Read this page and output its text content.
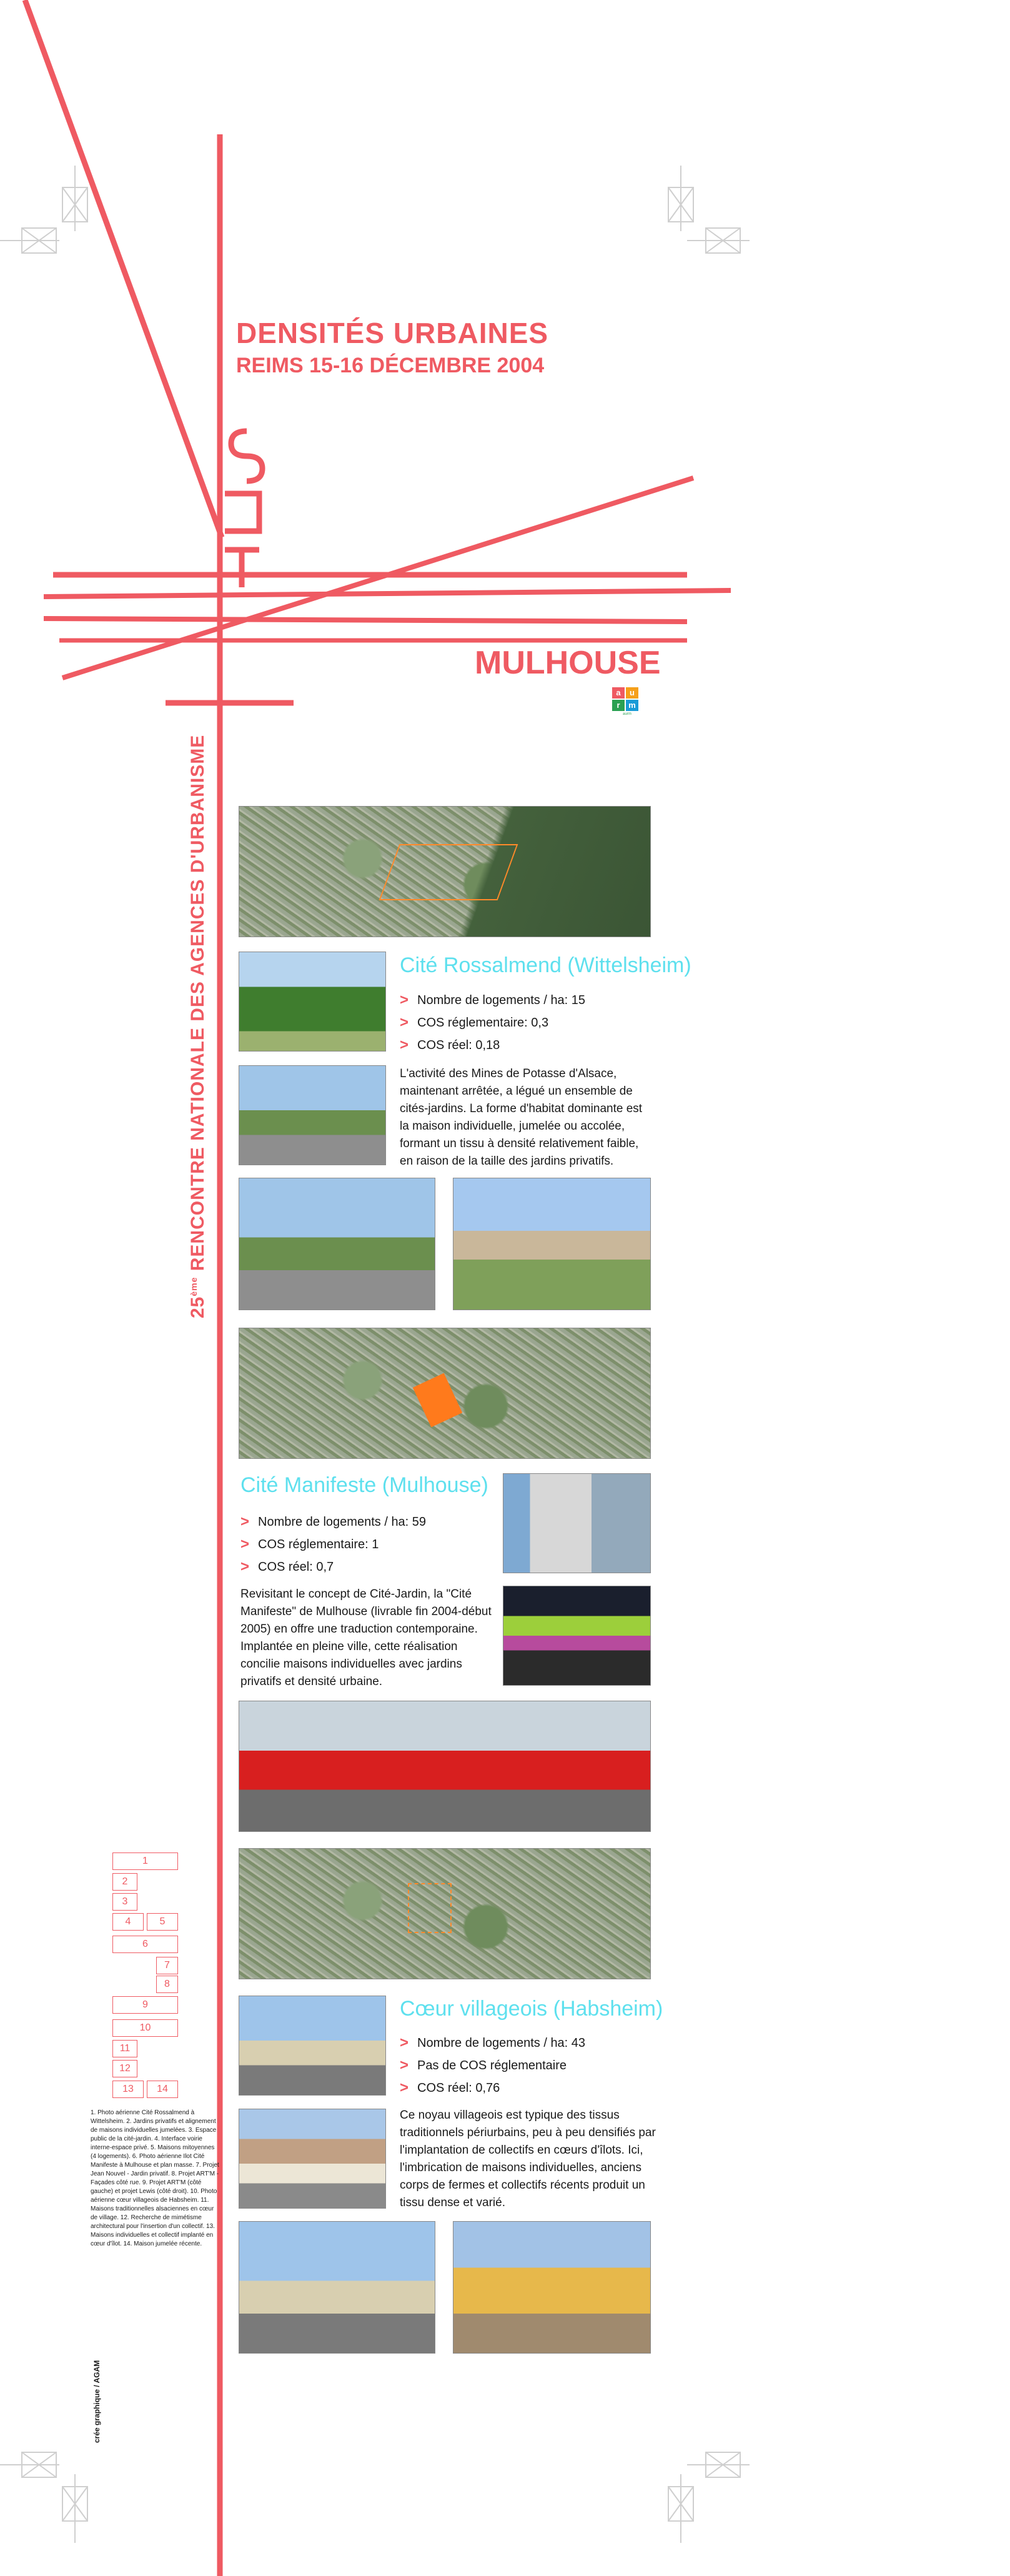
DENSITÉS URBAINES
REIMS 15-16 DÉCEMBRE 2004
MULHOUSE
a	u
r	m
aurm
25ème RENCONTRE NATIONALE DES AGENCES D'URBANISME	Cité Rossalmend (Wittelsheim)
> Nombre de logements / ha: 15
> COS réglementaire: 0,3
> COS réel: 0,18
L'activité des Mines de Potasse d'Alsace, maintenant arrêtée, a légué un ensemble de cités-jardins. La forme d'habitat dominante est la maison individuelle, jumelée ou accolée, formant un tissu à densité relativement faible, en raison de la taille des jardins privatifs.
Cité Manifeste (Mulhouse)
> Nombre de logements / ha: 59
> COS réglementaire: 1
> COS réel: 0,7
Revisitant le concept de Cité-Jardin, la "Cité Manifeste" de Mulhouse (livrable fin 2004-début 2005) en offre une traduction contemporaine. Implantée en pleine ville, cette réalisation concilie maisons individuelles avec jardins privatifs et densité urbaine.
Cœur villageois (Habsheim)
> Nombre de logements / ha: 43
> Pas de COS réglementaire
> COS réel: 0,76
Ce noyau villageois est typique des tissus traditionnels périurbains, peu à peu densifiés par l'implantation de collectifs en cœurs d'îlots. Ici, l'imbrication de maisons individuelles, anciens corps de fermes et collectifs récents produit un tissu dense et varié.
1
2
3
4	5
6
7
8
9
10
11
12
13	14
1. Photo aérienne Cité Rossalmend à Wittelsheim. 2. Jardins privatifs et alignement de maisons individuelles jumelées. 3. Espace public de la cité-jardin. 4. Interface voirie interne-espace privé. 5. Maisons mitoyennes (4 logements). 6. Photo aérienne Ilot Cité Manifeste à Mulhouse et plan masse. 7. Projet Jean Nouvel - Jardin privatif. 8. Projet ART'M - Façades côté rue. 9. Projet ART'M (côté gauche) et projet Lewis (côté droit). 10. Photo aérienne cœur villageois de Habsheim. 11. Maisons traditionnelles alsaciennes en cœur de village. 12. Recherche de mimétisme architectural pour l'insertion d'un collectif. 13. Maisons individuelles et collectif implanté en cœur d'îlot. 14. Maison jumelée récente.
crée graphique / AGAM
